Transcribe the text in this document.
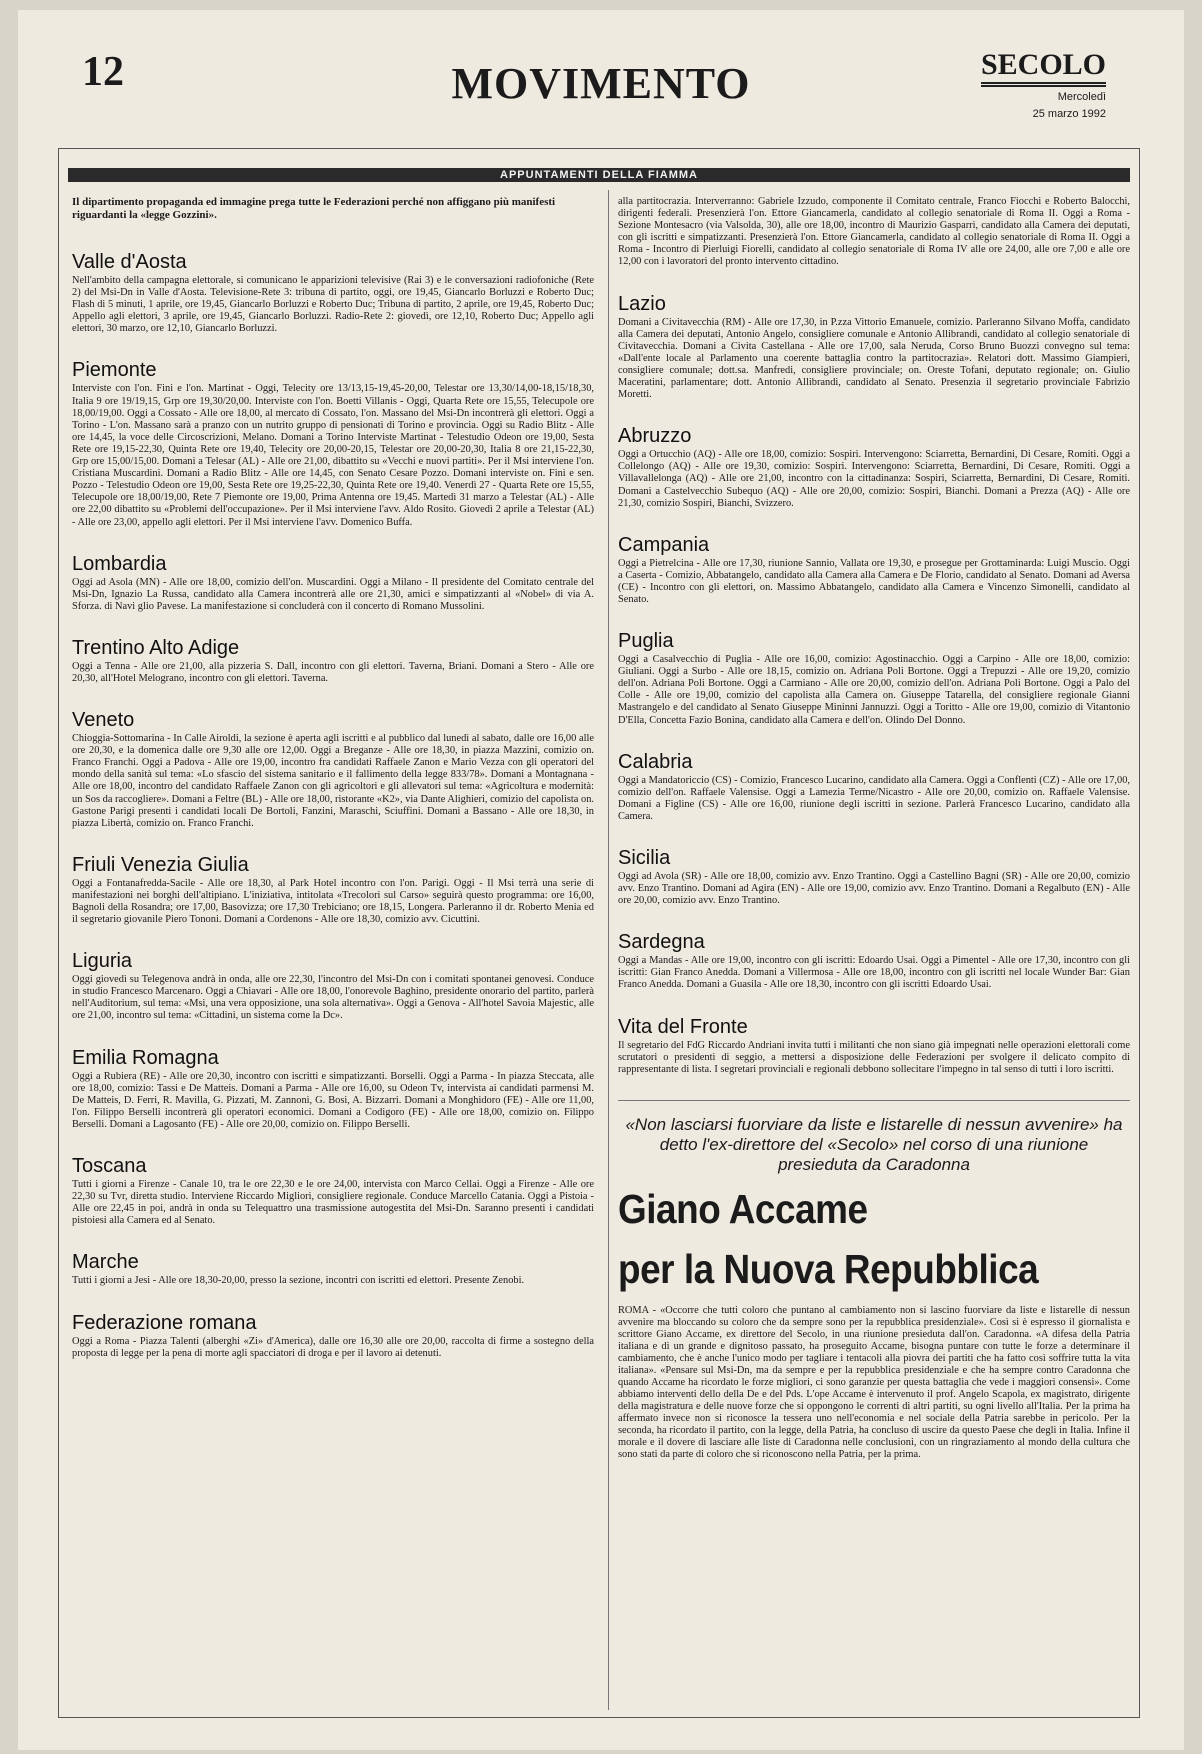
12	MOVIMENTO	SECOLO
Mercoledì
25 marzo 1992
APPUNTAMENTI DELLA FIAMMA

Il dipartimento propaganda ed immagine prega tutte le Federazioni perché non affiggano più manifesti riguardanti la «legge Gozzini».

Valle d'Aosta

Nell'ambito della campagna elettorale, si comunicano le apparizioni televisive (Rai 3) e le conversazioni radiofoniche (Rete 2) del Msi-Dn in Valle d'Aosta. Televisione-Rete 3: tribuna di partito, oggi, ore 19,45, Giancarlo Borluzzi e Roberto Duc; Flash di 5 minuti, 1 aprile, ore 19,45, Giancarlo Borluzzi e Roberto Duc; Tribuna di partito, 2 aprile, ore 19,45, Roberto Duc; Appello agli elettori, 3 aprile, ore 19,45, Giancarlo Borluzzi. Radio-Rete 2: giovedì, ore 12,10, Roberto Duc; Appello agli elettori, 30 marzo, ore 12,10, Giancarlo Borluzzi.

Piemonte

Interviste con l'on. Fini e l'on. Martinat - Oggi, Telecity ore 13/13,15-19,45-20,00, Telestar ore 13,30/14,00-18,15/18,30, Italia 9 ore 19/19,15, Grp ore 19,30/20,00. Interviste con l'on. Boetti Villanis - Oggi, Quarta Rete ore 15,55, Telecupole ore 18,00/19,00. Oggi a Cossato - Alle ore 18,00, al mercato di Cossato, l'on. Massano del Msi-Dn incontrerà gli elettori. Oggi a Torino - L'on. Massano sarà a pranzo con un nutrito gruppo di pensionati di Torino e provincia. Oggi su Radio Blitz - Alle ore 14,45, la voce delle Circoscrizioni, Melano. Domani a Torino Interviste Martinat - Telestudio Odeon ore 19,00, Sesta Rete ore 19,15-22,30, Quinta Rete ore 19,40, Telecity ore 20,00-20,15, Telestar ore 20,00-20,30, Italia 8 ore 21,15-22,30, Grp ore 15,00/15,00. Domani a Telesar (AL) - Alle ore 21,00, dibattito su «Vecchi e nuovi partiti». Per il Msi interviene l'on. Cristiana Muscardini. Domani a Radio Blitz - Alle ore 14,45, con Senato Cesare Pozzo. Domani interviste on. Fini e sen. Pozzo - Telestudio Odeon ore 19,00, Sesta Rete ore 19,25-22,30, Quinta Rete ore 19,40. Venerdì 27 - Quarta Rete ore 15,55, Telecupole ore 18,00/19,00, Rete 7 Piemonte ore 19,00, Prima Antenna ore 19,45. Martedì 31 marzo a Telestar (AL) - Alle ore 22,00 dibattito su «Problemi dell'occupazione». Per il Msi interviene l'avv. Aldo Rosito. Giovedì 2 aprile a Telestar (AL) - Alle ore 23,00, appello agli elettori. Per il Msi interviene l'avv. Domenico Buffa.

Lombardia

Oggi ad Asola (MN) - Alle ore 18,00, comizio dell'on. Muscardini. Oggi a Milano - Il presidente del Comitato centrale del Msi-Dn, Ignazio La Russa, candidato alla Camera incontrerà alle ore 21,30, amici e simpatizzanti al «Nobel» di via A. Sforza. di Navi glio Pavese. La manifestazione si concluderà con il concerto di Romano Mussolini.

Trentino Alto Adige

Oggi a Tenna - Alle ore 21,00, alla pizzeria S. Dall, incontro con gli elettori. Taverna, Briani. Domani a Stero - Alle ore 20,30, all'Hotel Melograno, incontro con gli elettori. Taverna.

Veneto

Chioggia-Sottomarina - In Calle Airoldi, la sezione è aperta agli iscritti e al pubblico dal lunedì al sabato, dalle ore 16,00 alle ore 20,30, e la domenica dalle ore 9,30 alle ore 12,00. Oggi a Breganze - Alle ore 18,30, in piazza Mazzini, comizio on. Franco Franchi. Oggi a Padova - Alle ore 19,00, incontro fra candidati Raffaele Zanon e Mario Vezza con gli operatori del mondo della sanità sul tema: «Lo sfascio del sistema sanitario e il fallimento della legge 833/78». Domani a Montagnana - Alle ore 18,00, incontro del candidato Raffaele Zanon con gli agricoltori e gli allevatori sul tema: «Agricoltura e modernità: un Sos da raccogliere». Domani a Feltre (BL) - Alle ore 18,00, ristorante «K2», via Dante Alighieri, comizio del capolista on. Gastone Parigi presenti i candidati locali De Bortoli, Fanzini, Maraschi, Sciuffini. Domani a Bassano - Alle ore 18,30, in piazza Libertà, comizio on. Franco Franchi.

Friuli Venezia Giulia

Oggi a Fontanafredda-Sacile - Alle ore 18,30, al Park Hotel incontro con l'on. Parigi. Oggi - Il Msi terrà una serie di manifestazioni nei borghi dell'altipiano. L'iniziativa, intitolata «Trecolori sul Carso» seguirà questo programma: ore 16,00, Bagnoli della Rosandra; ore 17,00, Basovizza; ore 17,30 Trebiciano; ore 18,15, Longera. Parleranno il dr. Roberto Menia ed il segretario giovanile Piero Tononi. Domani a Cordenons - Alle ore 18,30, comizio avv. Cicuttini.

Liguria

Oggi giovedì su Telegenova andrà in onda, alle ore 22,30, l'incontro del Msi-Dn con i comitati spontanei genovesi. Conduce in studio Francesco Marcenaro. Oggi a Chiavari - Alle ore 18,00, l'onorevole Baghino, presidente onorario del partito, parlerà nell'Auditorium, sul tema: «Msi, una vera opposizione, una sola alternativa». Oggi a Genova - All'hotel Savoia Majestic, alle ore 21,00, incontro sul tema: «Cittadini, un sistema come la Dc».

Emilia Romagna

Oggi a Rubiera (RE) - Alle ore 20,30, incontro con iscritti e simpatizzanti. Borselli. Oggi a Parma - In piazza Steccata, alle ore 18,00, comizio: Tassi e De Matteis. Domani a Parma - Alle ore 16,00, su Odeon Tv, intervista ai candidati parmensi M. De Matteis, D. Ferri, R. Mavilla, G. Pizzati, M. Zannoni, G. Bosi, A. Bizzarri. Domani a Monghidoro (FE) - Alle ore 11,00, l'on. Filippo Berselli incontrerà gli operatori economici. Domani a Codigoro (FE) - Alle ore 18,00, comizio on. Filippo Berselli. Domani a Lagosanto (FE) - Alle ore 20,00, comizio on. Filippo Berselli.

Toscana

Tutti i giorni a Firenze - Canale 10, tra le ore 22,30 e le ore 24,00, intervista con Marco Cellai. Oggi a Firenze - Alle ore 22,30 su Tvr, diretta studio. Interviene Riccardo Migliori, consigliere regionale. Conduce Marcello Catania. Oggi a Pistoia - Alle ore 22,45 in poi, andrà in onda su Telequattro una trasmissione autogestita del Msi-Dn. Saranno presenti i candidati pistoiesi alla Camera ed al Senato.

Marche

Tutti i giorni a Jesi - Alle ore 18,30-20,00, presso la sezione, incontri con iscritti ed elettori. Presente Zenobi.

Federazione romana

Oggi a Roma - Piazza Talenti (alberghi «Zi» d'America), dalle ore 16,30 alle ore 20,00, raccolta di firme a sostegno della proposta di legge per la pena di morte agli spacciatori di droga e per il lavoro ai detenuti.

alla partitocrazia. Interverranno: Gabriele Izzudo, componente il Comitato centrale, Franco Fiocchi e Roberto Balocchi, dirigenti federali. Presenzierà l'on. Ettore Giancamerla, candidato al collegio senatoriale di Roma II. Oggi a Roma - Sezione Montesacro (via Valsolda, 30), alle ore 18,00, incontro di Maurizio Gasparri, candidato alla Camera dei deputati, con gli iscritti e simpatizzanti. Presenzierà l'on. Ettore Giancamerla, candidato al collegio senatoriale di Roma II. Oggi a Roma - Incontro di Pierluigi Fiorelli, candidato al collegio senatoriale di Roma IV alle ore 24,00, alle ore 7,00 e alle ore 12,00 con i lavoratori del pronto intervento cittadino.

Lazio

Domani a Civitavecchia (RM) - Alle ore 17,30, in P.zza Vittorio Emanuele, comizio. Parleranno Silvano Moffa, candidato alla Camera dei deputati, Antonio Angelo, consigliere comunale e Antonio Allibrandi, candidato al collegio senatoriale di Civitavecchia. Domani a Civita Castellana - Alle ore 17,00, sala Neruda, Corso Bruno Buozzi convegno sul tema: «Dall'ente locale al Parlamento una coerente battaglia contro la partitocrazia». Relatori dott. Massimo Giampieri, consigliere comunale; dott.sa. Manfredi, consigliere provinciale; on. Oreste Tofani, deputato regionale; on. Giulio Maceratini, parlamentare; dott. Antonio Allibrandi, candidato al Senato. Presenzia il segretario provinciale Fabrizio Moretti.

Abruzzo

Oggi a Ortucchio (AQ) - Alle ore 18,00, comizio: Sospiri. Intervengono: Sciarretta, Bernardini, Di Cesare, Romiti. Oggi a Collelongo (AQ) - Alle ore 19,30, comizio: Sospiri. Intervengono: Sciarretta, Bernardini, Di Cesare, Romiti. Oggi a Villavallelonga (AQ) - Alle ore 21,00, incontro con la cittadinanza: Sospiri, Sciarretta, Bernardini, Di Cesare, Romiti. Domani a Castelvecchio Subequo (AQ) - Alle ore 20,00, comizio: Sospiri, Bianchi. Domani a Prezza (AQ) - Alle ore 21,30, comizio Sospiri, Bianchi, Svizzero.

Campania

Oggi a Pietrelcina - Alle ore 17,30, riunione Sannio, Vallata ore 19,30, e prosegue per Grottaminarda: Luigi Muscio. Oggi a Caserta - Comizio, Abbatangelo, candidato alla Camera alla Camera e De Florio, candidato al Senato. Domani ad Aversa (CE) - Incontro con gli elettori, on. Massimo Abbatangelo, candidato alla Camera e Vincenzo Simonelli, candidato al Senato.

Puglia

Oggi a Casalvecchio di Puglia - Alle ore 16,00, comizio: Agostinacchio. Oggi a Carpino - Alle ore 18,00, comizio: Giuliani. Oggi a Surbo - Alle ore 18,15, comizio on. Adriana Poli Bortone. Oggi a Trepuzzi - Alle ore 19,20, comizio dell'on. Adriana Poli Bortone. Oggi a Carmiano - Alle ore 20,00, comizio dell'on. Adriana Poli Bortone. Oggi a Palo del Colle - Alle ore 19,00, comizio del capolista alla Camera on. Giuseppe Tatarella, del consigliere regionale Gianni Mastrangelo e del candidato al Senato Giuseppe Mininni Jannuzzi. Oggi a Toritto - Alle ore 19,00, comizio di Vitantonio D'Ella, Concetta Fazio Bonina, candidato alla Camera e dell'on. Olindo Del Donno.

Calabria

Oggi a Mandatoriccio (CS) - Comizio, Francesco Lucarino, candidato alla Camera. Oggi a Conflenti (CZ) - Alle ore 17,00, comizio dell'on. Raffaele Valensise. Oggi a Lamezia Terme/Nicastro - Alle ore 20,00, comizio on. Raffaele Valensise. Domani a Figline (CS) - Alle ore 16,00, riunione degli iscritti in sezione. Parlerà Francesco Lucarino, candidato alla Camera.

Sicilia

Oggi ad Avola (SR) - Alle ore 18,00, comizio avv. Enzo Trantino. Oggi a Castellino Bagni (SR) - Alle ore 20,00, comizio avv. Enzo Trantino. Domani ad Agira (EN) - Alle ore 19,00, comizio avv. Enzo Trantino. Domani a Regalbuto (EN) - Alle ore 20,00, comizio avv. Enzo Trantino.

Sardegna

Oggi a Mandas - Alle ore 19,00, incontro con gli iscritti: Edoardo Usai. Oggi a Pimentel - Alle ore 17,30, incontro con gli iscritti: Gian Franco Anedda. Domani a Villermosa - Alle ore 18,00, incontro con gli iscritti nel locale Wunder Bar: Gian Franco Anedda. Domani a Guasila - Alle ore 18,30, incontro con gli iscritti Edoardo Usai.

Vita del Fronte

Il segretario del FdG Riccardo Andriani invita tutti i militanti che non siano già impegnati nelle operazioni elettorali come scrutatori o presidenti di seggio, a mettersi a disposizione delle Federazioni per svolgere il delicato compito di rappresentante di lista. I segretari provinciali e regionali debbono sollecitare l'impegno in tal senso di tutti i loro iscritti.

«Non lasciarsi fuorviare da liste e listarelle di nessun avvenire» ha detto l'ex-direttore del «Secolo» nel corso di una riunione presieduta da Caradonna
Giano Accame
per la Nuova Repubblica

ROMA - «Occorre che tutti coloro che puntano al cambiamento non si lascino fuorviare da liste e listarelle di nessun avvenire ma bloccando su coloro che da sempre sono per la repubblica presidenziale». Così si è espresso il giornalista e scrittore Giano Accame, ex direttore del Secolo, in una riunione presieduta dall'on. Caradonna. «A difesa della Patria italiana e di un grande e dignitoso passato, ha proseguito Accame, bisogna puntare con tutte le forze a determinare il cambiamento, che è anche l'unico modo per tagliare i tentacoli alla piovra dei partiti che ha fatto così soffrire tutta la vita italiana». «Pensare sul Msi-Dn, ma da sempre e per la repubblica presidenziale e che ha sempre contro Caradonna che quando Accame ha ricordato le forze migliori, ci sono garanzie per questa battaglia che vede i maggiori consensi». Come abbiamo interventi dello della De e del Pds. L'ope Accame è intervenuto il prof. Angelo Scapola, ex magistrato, dirigente della magistratura e delle nuove forze che si oppongono le correnti di altri partiti, su ogni livello all'Italia. Per la prima ha affermato invece non si riconosce la tessera uno nell'economia e nel sociale della Patria sarebbe in pericolo. Per la seconda, ha ricordato il partito, con la legge, della Patria, ha concluso di uscire da questo Paese che degli in Italia. Infine il morale e il dovere di lasciare alle liste di Caradonna nelle conclusioni, con un ringraziamento al mondo della cultura che sono stati da parte di coloro che si riconoscono nella Patria, per la prima.
